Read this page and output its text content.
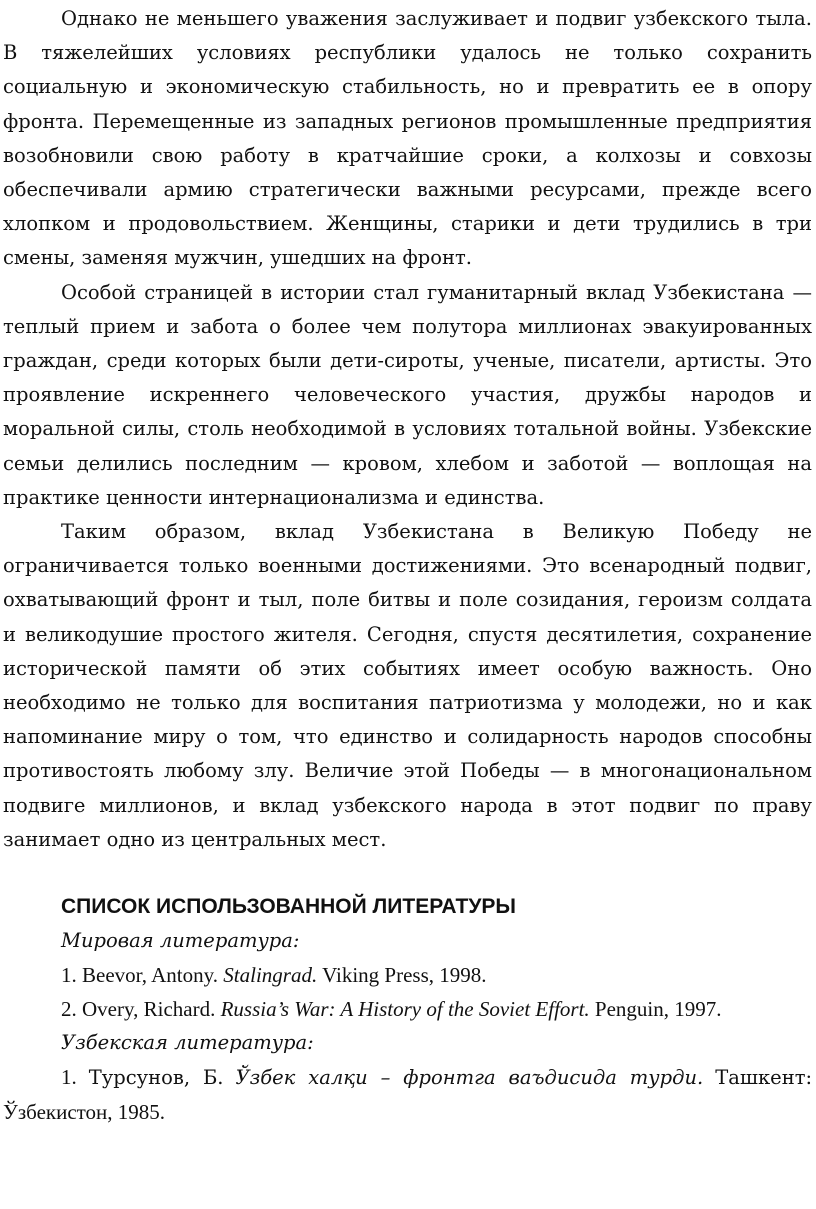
Однако не меньшего уважения заслуживает и подвиг узбекского тыла. В тяжелейших условиях республики удалось не только сохранить социальную и экономическую стабильность, но и превратить ее в опору фронта. Перемещенные из западных регионов промышленные предприятия возобновили свою работу в кратчайшие сроки, а колхозы и совхозы обеспечивали армию стратегически важными ресурсами, прежде всего хлопком и продовольствием. Женщины, старики и дети трудились в три смены, заменяя мужчин, ушедших на фронт.

Особой страницей в истории стал гуманитарный вклад Узбекистана — теплый прием и забота о более чем полутора миллионах эвакуированных граждан, среди которых были дети-сироты, ученые, писатели, артисты. Это проявление искреннего человеческого участия, дружбы народов и моральной силы, столь необходимой в условиях тотальной войны. Узбекские семьи делились последним — кровом, хлебом и заботой — воплощая на практике ценности интернационализма и единства.

Таким образом, вклад Узбекистана в Великую Победу не ограничивается только военными достижениями. Это всенародный подвиг, охватывающий фронт и тыл, поле битвы и поле созидания, героизм солдата и великодушие простого жителя. Сегодня, спустя десятилетия, сохранение исторической памяти об этих событиях имеет особую важность. Оно необходимо не только для воспитания патриотизма у молодежи, но и как напоминание миру о том, что единство и солидарность народов способны противостоять любому злу. Величие этой Победы — в многонациональном подвиге миллионов, и вклад узбекского народа в этот подвиг по праву занимает одно из центральных мест.

СПИСОК ИСПОЛЬЗОВАННОЙ ЛИТЕРАТУРЫ

Мировая литература:

1. Beevor, Antony. Stalingrad. Viking Press, 1998.

2. Overy, Richard. Russia’s War: A History of the Soviet Effort. Penguin, 1997.

Узбекская литература:

1. Турсунов, Б. Ўзбек халқи – фронтга ваъдисида турди. Ташкент: Ўзбекистон, 1985.
